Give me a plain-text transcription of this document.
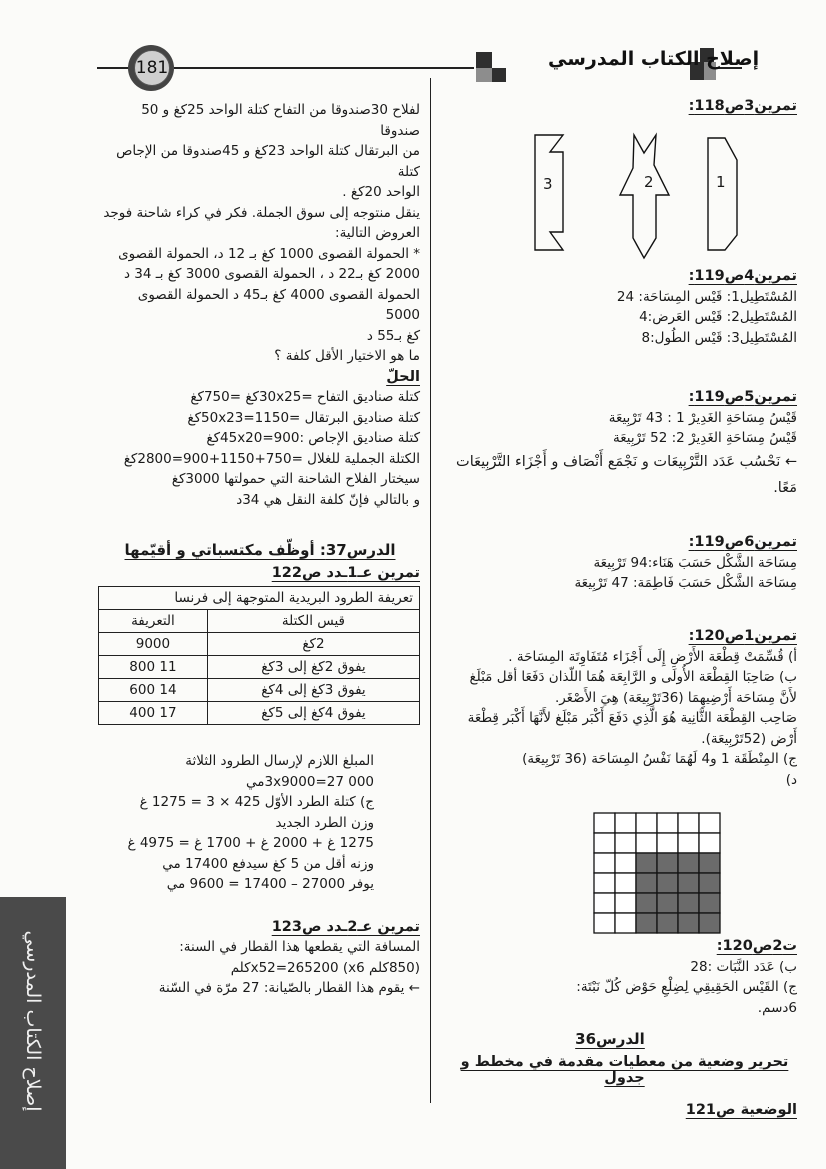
181	إصلاح الكتاب المدرسي

لفلاح 30صندوقا من التفاح كتلة الواحد 25كغ و 50 صندوقا

من البرتقال كتلة الواحد 23كغ و 45صندوقا من الإجاص كتلة

الواحد 20كغ .

ينقل منتوجه إلى سوق الجملة. فكر في كراء شاحنة فوجد

العروض التالية:

* الحمولة القصوى 1000 كغ بـ 12 د، الحمولة القصوى

2000 كغ بـ22 د ، الحمولة القصوى 3000 كغ بـ 34 د

الحمولة القصوى 4000 كغ بـ45 د الحمولة القصوى 5000

كغ بـ55 د

ما هو الاختيار الأقل كلفة ؟

الحلّ

كتلة صناديق التفاح =30x25كغ =750كغ

كتلة صناديق البرتقال =50x23=1150كغ

كتلة صناديق الإجاص :45x20=900كغ

الكتلة الجملية للغلال =750+1150+900=2800كغ

سيختار الفلاح الشاحنة التي حمولتها 3000كغ

و بالتالي فإنّ كلفة النقل هي 34د

الدرس37: أوظّف مكتسباتي و أقيّمها

تمرين عـ1ـدد ص122

تعريفة الطرود البريدية المتوجهة إلى فرنسا	
قيس الكتلة	التعريفة
2كغ	9000
يفوق 2كغ إلى 3كغ	11 800
يفوق 3كغ إلى 4كغ	14 600
يفوق 4كغ إلى 5كغ	17 400

المبلغ اللازم لإرسال الطرود الثلاثة

3x9000=27 000مي

ج) كتلة الطرد الأوّل 425 × 3 = 1275 غ

وزن الطرد الجديد

1275 غ + 2000 غ + 1700 غ = 4975 غ

وزنه أقل من 5 كغ سيدفع 17400 مي

يوفر 27000 – 17400 = 9600 مي

تمرين عـ2ـدد ص123

المسافة التي يقطعها هذا القطار في السنة:

(850كلم x6) x52=265200كلم

← يقوم هذا القطار بالصّيانة: 27 مرّة في السّنة

تمرين3ص118:

3	2	1

تمرين4ص119:

المُسْتَطِيل1: قَيْس المِسَاحَة: 24

المُسْتَطِيل2: قَيْس العَرض:4

المُسْتَطِيل3: قَيْس الطُول:8

تمرين5ص119:

قَيْسُ مِسَاحَةِ الغَدِيرْ 1 : 43 تَرْبِيعَة

قَيْسُ مِسَاحَةِ الغَدِيرْ 2: 52 تَرْبِيعَة

← نَحْسُب عَدَد التَّرْبِيعَات و نَجْمَع أَنْصَاف و أَجْزَاء التَّرْبِيعَات مَعًا.

تمرين6ص119:

مِسَاحَة الشَّكْل حَسَبَ هَنَاء:94 تَرْبِيعَة

مِسَاحَة الشَّكْل حَسَبَ فَاطِمَة: 47 تَرْبِيعَة

تمرين1ص120:

أ) قُسِّمَتْ قِطْعَة الأَرْضِ إِلَى أَجْزَاء مُتَفَاوِتَة المِسَاحَة .

ب) صَاحِبَا القِطْعَة الأُولَى و الرَّابِعَة هُمَا اللّذان دَفَعَا أقل مَبْلَغ لأَنَّ مِسَاحَة أَرْضِيهِمَا (36تَرْبِيعَة) هِيَ الأَصْغَر.

صَاحِب القِطْعَة الثَّانِية هُوَ الَّذِي دَفَعَ أَكْبَر مَبْلَغ لأَنَّهَا أَكْبَر قِطْعَة أَرْض (52تَرْبِيعَة).

ج) المِنْطَقَة 1 و4 لَهُمَا نَفْسُ المِسَاحَة (36 تَرْبِيعَة)

د)

ت2ص120:

ب) عَدَد النَّبَات :28

ج) القَيْس الحَقِيقِي لِضِلْعِ حَوْض كُلّ نَبْتَة:

6دسم.

الدرس36

تحرير وضعية من معطيات مقدمة في مخطط و جدول

الوضعية ص121

إصلاح الكتاب المدرسي
